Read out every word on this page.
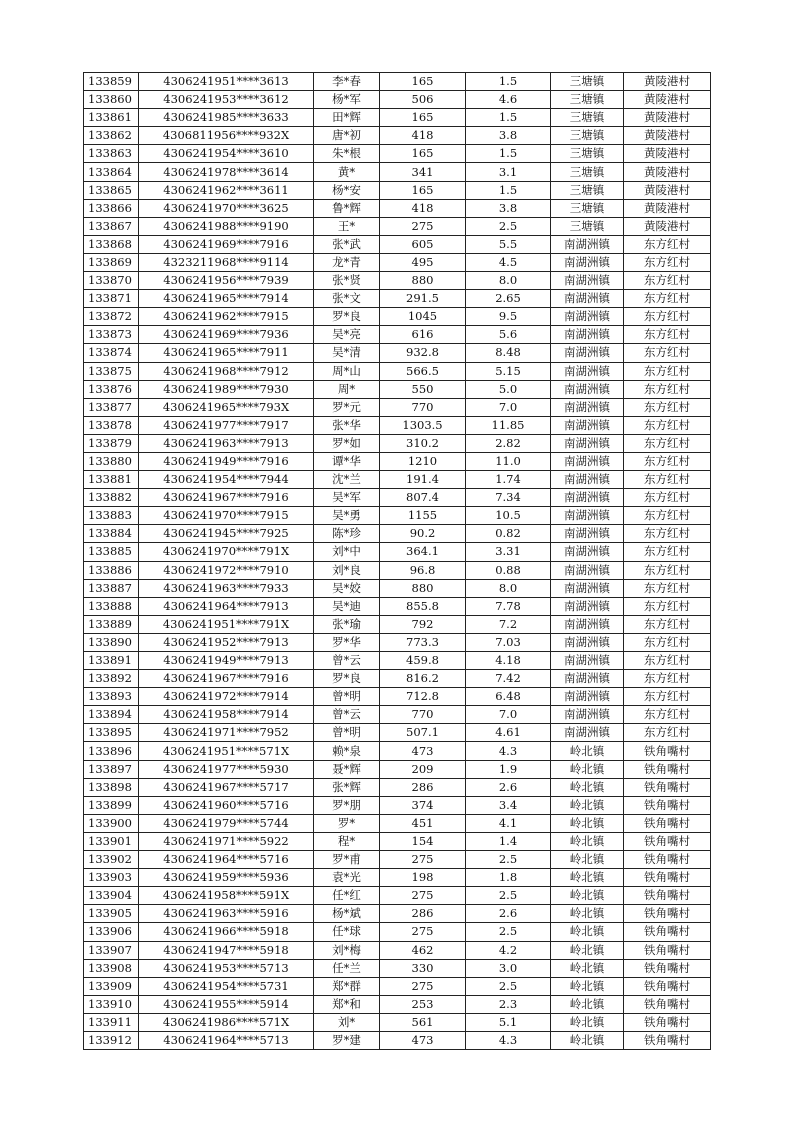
133859	4306241951****3613	李*春	165	1.5	三塘镇	黄陵港村
133860	4306241953****3612	杨*军	506	4.6	三塘镇	黄陵港村
133861	4306241985****3633	田*辉	165	1.5	三塘镇	黄陵港村
133862	4306811956****932X	唐*初	418	3.8	三塘镇	黄陵港村
133863	4306241954****3610	朱*根	165	1.5	三塘镇	黄陵港村
133864	4306241978****3614	黄*	341	3.1	三塘镇	黄陵港村
133865	4306241962****3611	杨*安	165	1.5	三塘镇	黄陵港村
133866	4306241970****3625	鲁*辉	418	3.8	三塘镇	黄陵港村
133867	4306241988****9190	王*	275	2.5	三塘镇	黄陵港村
133868	4306241969****7916	张*武	605	5.5	南湖洲镇	东方红村
133869	4323211968****9114	龙*青	495	4.5	南湖洲镇	东方红村
133870	4306241956****7939	张*贤	880	8.0	南湖洲镇	东方红村
133871	4306241965****7914	张*文	291.5	2.65	南湖洲镇	东方红村
133872	4306241962****7915	罗*良	1045	9.5	南湖洲镇	东方红村
133873	4306241969****7936	吴*亮	616	5.6	南湖洲镇	东方红村
133874	4306241965****7911	吴*清	932.8	8.48	南湖洲镇	东方红村
133875	4306241968****7912	周*山	566.5	5.15	南湖洲镇	东方红村
133876	4306241989****7930	周*	550	5.0	南湖洲镇	东方红村
133877	4306241965****793X	罗*元	770	7.0	南湖洲镇	东方红村
133878	4306241977****7917	张*华	1303.5	11.85	南湖洲镇	东方红村
133879	4306241963****7913	罗*如	310.2	2.82	南湖洲镇	东方红村
133880	4306241949****7916	谭*华	1210	11.0	南湖洲镇	东方红村
133881	4306241954****7944	沈*兰	191.4	1.74	南湖洲镇	东方红村
133882	4306241967****7916	吴*军	807.4	7.34	南湖洲镇	东方红村
133883	4306241970****7915	吴*勇	1155	10.5	南湖洲镇	东方红村
133884	4306241945****7925	陈*珍	90.2	0.82	南湖洲镇	东方红村
133885	4306241970****791X	刘*中	364.1	3.31	南湖洲镇	东方红村
133886	4306241972****7910	刘*良	96.8	0.88	南湖洲镇	东方红村
133887	4306241963****7933	吴*姣	880	8.0	南湖洲镇	东方红村
133888	4306241964****7913	吴*迪	855.8	7.78	南湖洲镇	东方红村
133889	4306241951****791X	张*瑜	792	7.2	南湖洲镇	东方红村
133890	4306241952****7913	罗*华	773.3	7.03	南湖洲镇	东方红村
133891	4306241949****7913	曾*云	459.8	4.18	南湖洲镇	东方红村
133892	4306241967****7916	罗*良	816.2	7.42	南湖洲镇	东方红村
133893	4306241972****7914	曾*明	712.8	6.48	南湖洲镇	东方红村
133894	4306241958****7914	曾*云	770	7.0	南湖洲镇	东方红村
133895	4306241971****7952	曾*明	507.1	4.61	南湖洲镇	东方红村
133896	4306241951****571X	赖*泉	473	4.3	岭北镇	铁角嘴村
133897	4306241977****5930	聂*辉	209	1.9	岭北镇	铁角嘴村
133898	4306241967****5717	张*辉	286	2.6	岭北镇	铁角嘴村
133899	4306241960****5716	罗*朋	374	3.4	岭北镇	铁角嘴村
133900	4306241979****5744	罗*	451	4.1	岭北镇	铁角嘴村
133901	4306241971****5922	程*	154	1.4	岭北镇	铁角嘴村
133902	4306241964****5716	罗*甫	275	2.5	岭北镇	铁角嘴村
133903	4306241959****5936	袁*光	198	1.8	岭北镇	铁角嘴村
133904	4306241958****591X	任*红	275	2.5	岭北镇	铁角嘴村
133905	4306241963****5916	杨*斌	286	2.6	岭北镇	铁角嘴村
133906	4306241966****5918	任*球	275	2.5	岭北镇	铁角嘴村
133907	4306241947****5918	刘*梅	462	4.2	岭北镇	铁角嘴村
133908	4306241953****5713	任*兰	330	3.0	岭北镇	铁角嘴村
133909	4306241954****5731	郑*群	275	2.5	岭北镇	铁角嘴村
133910	4306241955****5914	郑*和	253	2.3	岭北镇	铁角嘴村
133911	4306241986****571X	刘*	561	5.1	岭北镇	铁角嘴村
133912	4306241964****5713	罗*建	473	4.3	岭北镇	铁角嘴村
